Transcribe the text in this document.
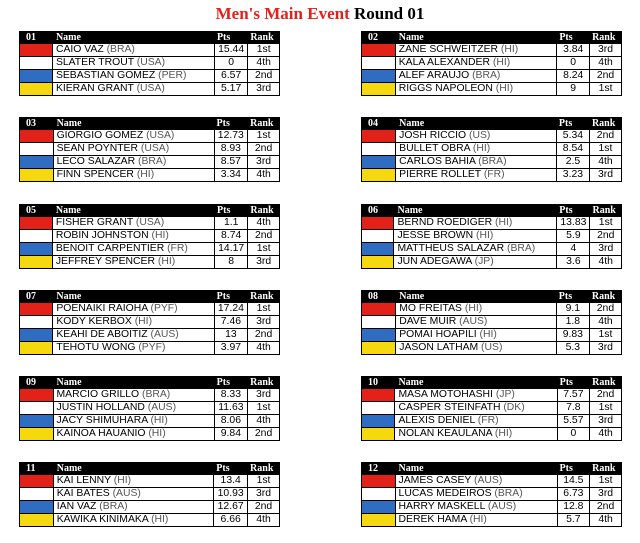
Men's Main Event Round 01
01	Name	Pts	Rank
	CAIO VAZ (BRA)	15.44	1st
	SLATER TROUT (USA)	0	4th
	SEBASTIAN GOMEZ (PER)	6.57	2nd
	KIERAN GRANT (USA)	5.17	3rd
02	Name	Pts	Rank
	ZANE SCHWEITZER (HI)	3.84	3rd
	KALA ALEXANDER (HI)	0	4th
	ALEF ARAUJO (BRA)	8.24	2nd
	RIGGS NAPOLEON (HI)	9	1st
03	Name	Pts	Rank
	GIORGIO GOMEZ (USA)	12.73	1st
	SEAN POYNTER (USA)	8.93	2nd
	LECO SALAZAR (BRA)	8.57	3rd
	FINN SPENCER (HI)	3.34	4th
04	Name	Pts	Rank
	JOSH RICCIO (US)	5.34	2nd
	BULLET OBRA (HI)	8.54	1st
	CARLOS BAHIA (BRA)	2.5	4th
	PIERRE ROLLET (FR)	3.23	3rd
05	Name	Pts	Rank
	FISHER GRANT (USA)	1.1	4th
	ROBIN JOHNSTON (HI)	8.74	2nd
	BENOIT CARPENTIER (FR)	14.17	1st
	JEFFREY SPENCER (HI)	8	3rd
06	Name	Pts	Rank
	BERND ROEDIGER (HI)	13.83	1st
	JESSE BROWN (HI)	5.9	2nd
	MATTHEUS SALAZAR (BRA)	4	3rd
	JUN ADEGAWA (JP)	3.6	4th
07	Name	Pts	Rank
	POENAIKI RAIOHA (PYF)	17.24	1st
	KODY KERBOX (HI)	7.46	3rd
	KEAHI DE ABOITIZ (AUS)	13	2nd
	TEHOTU WONG (PYF)	3.97	4th
08	Name	Pts	Rank
	MO FREITAS (HI)	9.1	2nd
	DAVE MUIR (AUS)	1.8	4th
	POMAI HOAPILI (HI)	9.83	1st
	JASON LATHAM (US)	5.3	3rd
09	Name	Pts	Rank
	MARCIO GRILLO (BRA)	8.33	3rd
	JUSTIN HOLLAND (AUS)	11.63	1st
	JACY SHIMUHARA (HI)	8.06	4th
	KAINOA HAUANIO (HI)	9.84	2nd
10	Name	Pts	Rank
	MASA MOTOHASHI (JP)	7.57	2nd
	CASPER STEINFATH (DK)	7.8	1st
	ALEXIS DENIEL (FR)	5.57	3rd
	NOLAN KEAULANA (HI)	0	4th
11	Name	Pts	Rank
	KAI LENNY (HI)	13.4	1st
	KAI BATES (AUS)	10.93	3rd
	IAN VAZ (BRA)	12.67	2nd
	KAWIKA KINIMAKA (HI)	6.66	4th
12	Name	Pts	Rank
	JAMES CASEY (AUS)	14.5	1st
	LUCAS MEDEIROS (BRA)	6.73	3rd
	HARRY MASKELL (AUS)	12.8	2nd
	DEREK HAMA (HI)	5.7	4th
